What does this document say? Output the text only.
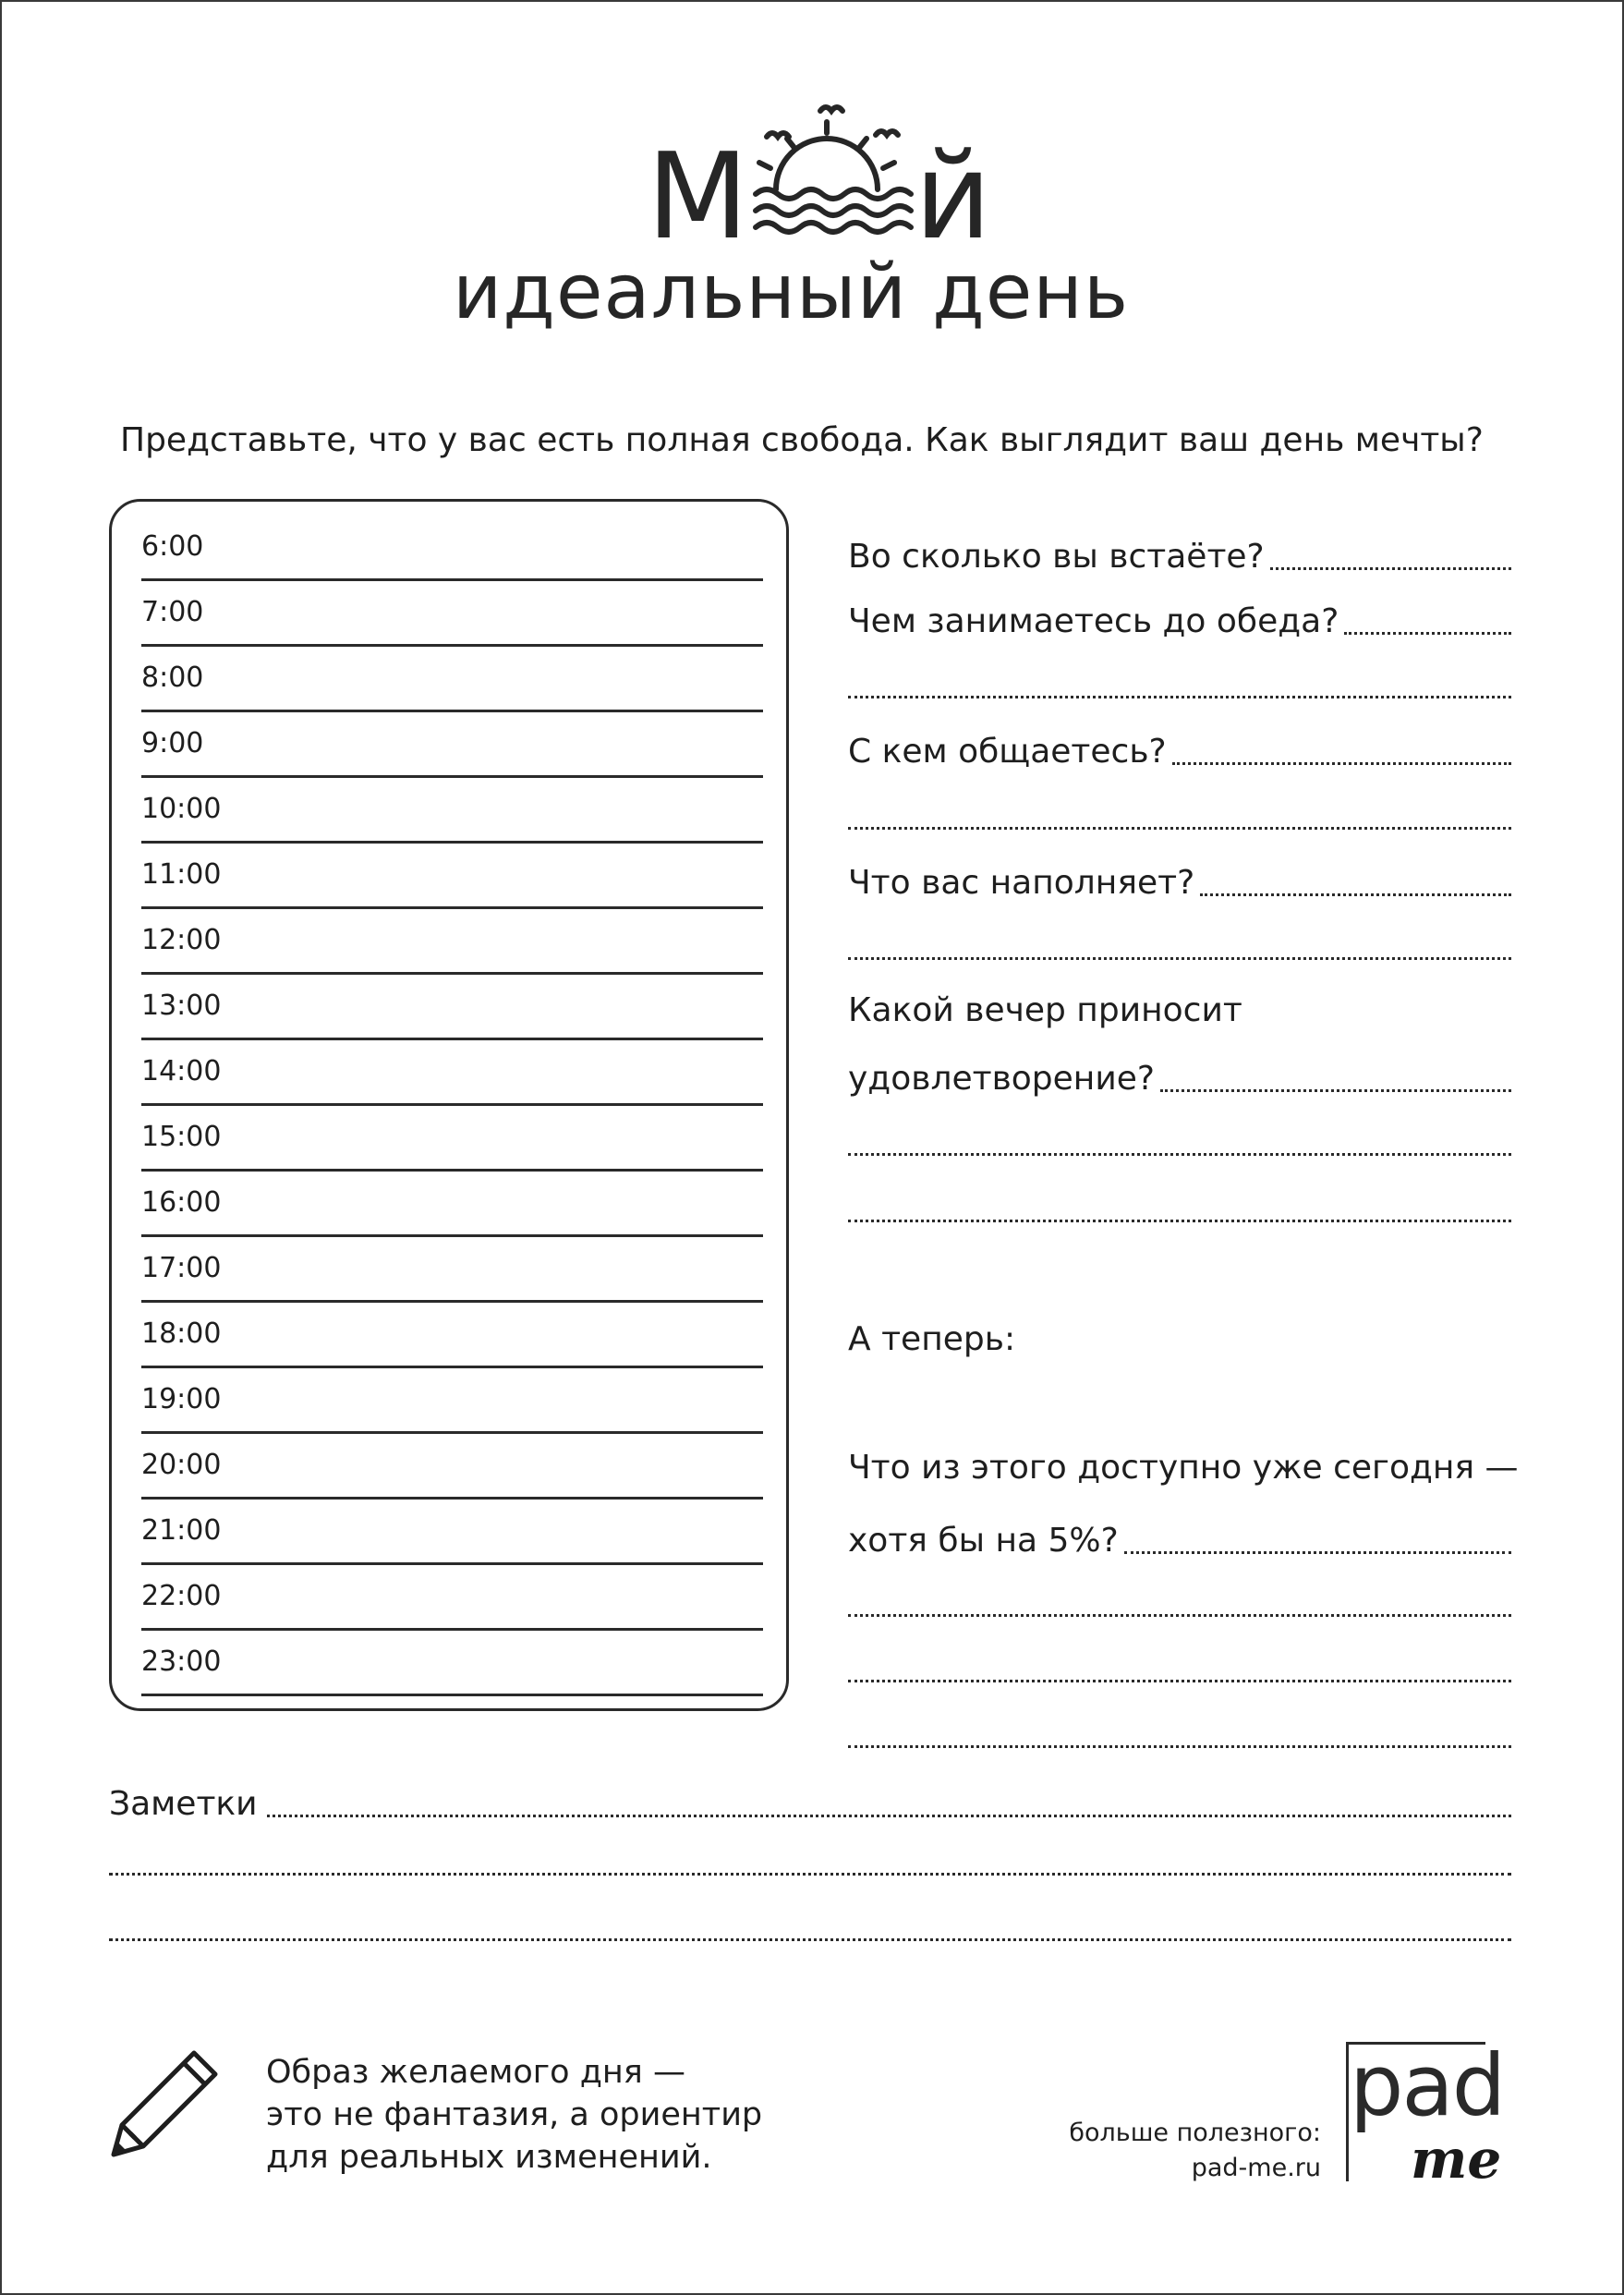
М й
идеальный день
Представьте, что у вас есть полная свобода. Как выглядит ваш день мечты?
6:00
7:00
8:00
9:00
10:00
11:00
12:00
13:00
14:00
15:00
16:00
17:00
18:00
19:00
20:00
21:00
22:00
23:00
Во сколько вы встаёте?
Чем занимаетесь до обеда?
С кем общаетесь?
Что вас наполняет?
Какой вечер приносит
удовлетворение?
А теперь:
Что из этого доступно уже сегодня —
хотя бы на 5%?
Заметки
Образ желаемого дня —
это не фантазия, а ориентир
для реальных изменений.
больше полезного:
pad-me.ru
pad
me
